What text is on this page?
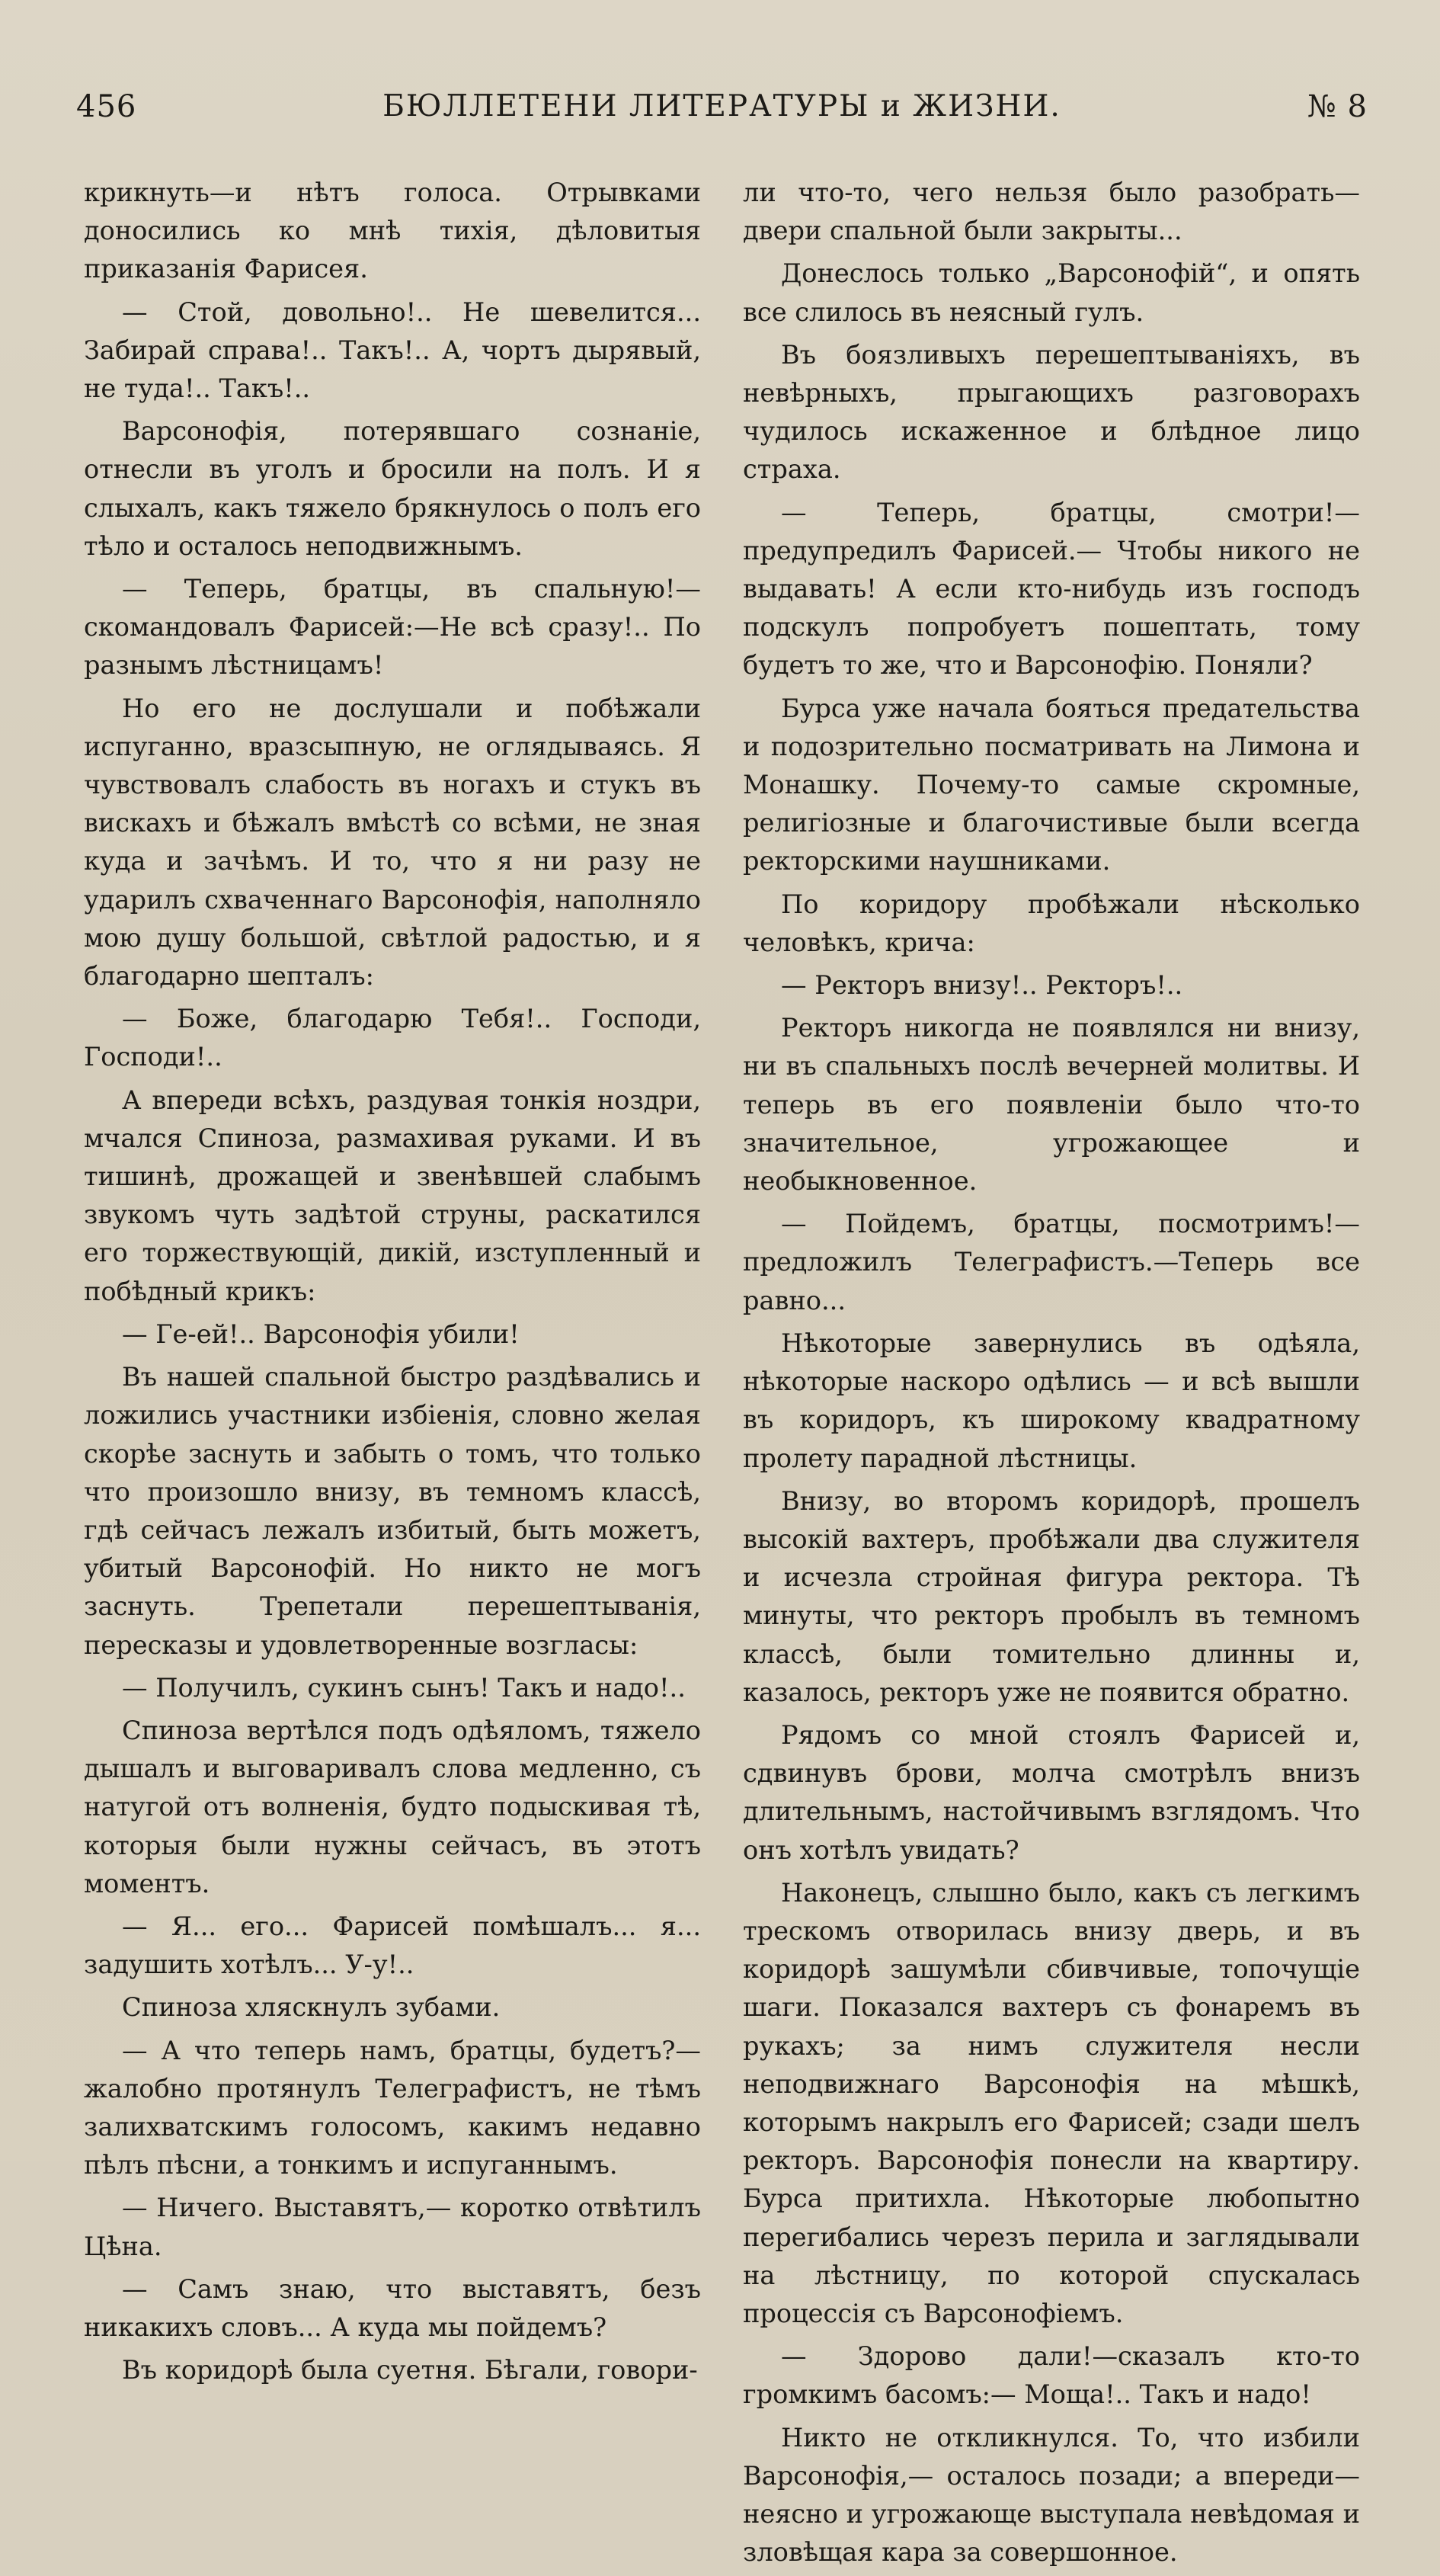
456	БЮЛЛЕТЕНИ ЛИТЕРАТУРЫ и ЖИЗНИ.	№ 8

крикнуть—и нѣтъ голоса. Отрывками доносились ко мнѣ тихія, дѣловитыя приказанія Фарисея.

— Стой, довольно!.. Не шевелится... Забирай справа!.. Такъ!.. А, чортъ дырявый, не туда!.. Такъ!..

Варсонофія, потерявшаго сознаніе, отнесли въ уголъ и бросили на полъ. И я слыхалъ, какъ тяжело брякнулось о полъ его тѣло и осталось неподвижнымъ.

— Теперь, братцы, въ спальную!— скомандовалъ Фарисей:—Не всѣ сразу!.. По разнымъ лѣстницамъ!

Но его не дослушали и побѣжали испуганно, вразсыпную, не оглядываясь. Я чувствовалъ слабость въ ногахъ и стукъ въ вискахъ и бѣжалъ вмѣстѣ со всѣми, не зная куда и зачѣмъ. И то, что я ни разу не ударилъ схваченнаго Варсонофія, наполняло мою душу большой, свѣтлой радостью, и я благодарно шепталъ:

— Боже, благодарю Тебя!.. Господи, Господи!..

А впереди всѣхъ, раздувая тонкія ноздри, мчался Спиноза, размахивая руками. И въ тишинѣ, дрожащей и звенѣвшей слабымъ звукомъ чуть задѣтой струны, раскатился его торжествующій, дикій, изступленный и побѣдный крикъ:

— Ге-ей!.. Варсонофія убили!

Въ нашей спальной быстро раздѣвались и ложились участники избіенія, словно желая скорѣе заснуть и забыть о томъ, что только что произошло внизу, въ темномъ классѣ, гдѣ сейчасъ лежалъ избитый, быть можетъ, убитый Варсонофій. Но никто не могъ заснуть. Трепетали перешептыванія, пересказы и удовлетворенные возгласы:

— Получилъ, сукинъ сынъ! Такъ и надо!..

Спиноза вертѣлся подъ одѣяломъ, тяжело дышалъ и выговаривалъ слова медленно, съ натугой отъ волненія, будто подыскивая тѣ, которыя были нужны сейчасъ, въ этотъ моментъ.

— Я... его... Фарисей помѣшалъ... я... задушить хотѣлъ... У-у!..

Спиноза хляскнулъ зубами.

— А что теперь намъ, братцы, будетъ?— жалобно протянулъ Телеграфистъ, не тѣмъ залихватскимъ голосомъ, какимъ недавно пѣлъ пѣсни, а тонкимъ и испуганнымъ.

— Ничего. Выставятъ,— коротко отвѣтилъ Цѣна.

— Самъ знаю, что выставятъ, безъ никакихъ словъ... А куда мы пойдемъ?

Въ коридорѣ была суетня. Бѣгали, говори-

ли что-то, чего нельзя было разобрать—двери спальной были закрыты...

Донеслось только „Варсонофій“, и опять все слилось въ неясный гулъ.

Въ боязливыхъ перешептываніяхъ, въ невѣрныхъ, прыгающихъ разговорахъ чудилось искаженное и блѣдное лицо страха.

— Теперь, братцы, смотри!— предупредилъ Фарисей.— Чтобы никого не выдавать! А если кто-нибудь изъ господъ подскулъ попробуетъ пошептать, тому будетъ то же, что и Варсонофію. Поняли?

Бурса уже начала бояться предательства и подозрительно посматривать на Лимона и Монашку. Почему-то самые скромные, религіозные и благочистивые были всегда ректорскими наушниками.

По коридору пробѣжали нѣсколько человѣкъ, крича:

— Ректоръ внизу!.. Ректоръ!..

Ректоръ никогда не появлялся ни внизу, ни въ спальныхъ послѣ вечерней молитвы. И теперь въ его появленіи было что-то значительное, угрожающее и необыкновенное.

— Пойдемъ, братцы, посмотримъ!—предложилъ Телеграфистъ.—Теперь все равно...

Нѣкоторые завернулись въ одѣяла, нѣкоторые наскоро одѣлись — и всѣ вышли въ коридоръ, къ широкому квадратному пролету парадной лѣстницы.

Внизу, во второмъ коридорѣ, прошелъ высокій вахтеръ, пробѣжали два служителя и исчезла стройная фигура ректора. Тѣ минуты, что ректоръ пробылъ въ темномъ классѣ, были томительно длинны и, казалось, ректоръ уже не появится обратно.

Рядомъ со мной стоялъ Фарисей и, сдвинувъ брови, молча смотрѣлъ внизъ длительнымъ, настойчивымъ взглядомъ. Что онъ хотѣлъ увидать?

Наконецъ, слышно было, какъ съ легкимъ трескомъ отворилась внизу дверь, и въ коридорѣ зашумѣли сбивчивые, топочущіе шаги. Показался вахтеръ съ фонаремъ въ рукахъ; за нимъ служителя несли неподвижнаго Варсонофія на мѣшкѣ, которымъ накрылъ его Фарисей; сзади шелъ ректоръ. Варсонофія понесли на квартиру. Бурса притихла. Нѣкоторые любопытно перегибались черезъ перила и заглядывали на лѣстницу, по которой спускалась процессія съ Варсонофіемъ.

— Здорово дали!—сказалъ кто-то громкимъ басомъ:— Моща!.. Такъ и надо!

Никто не откликнулся. То, что избили Варсонофія,— осталось позади; а впереди—неясно и угрожающе выступала невѣдомая и зловѣщая кара за совершонное.
